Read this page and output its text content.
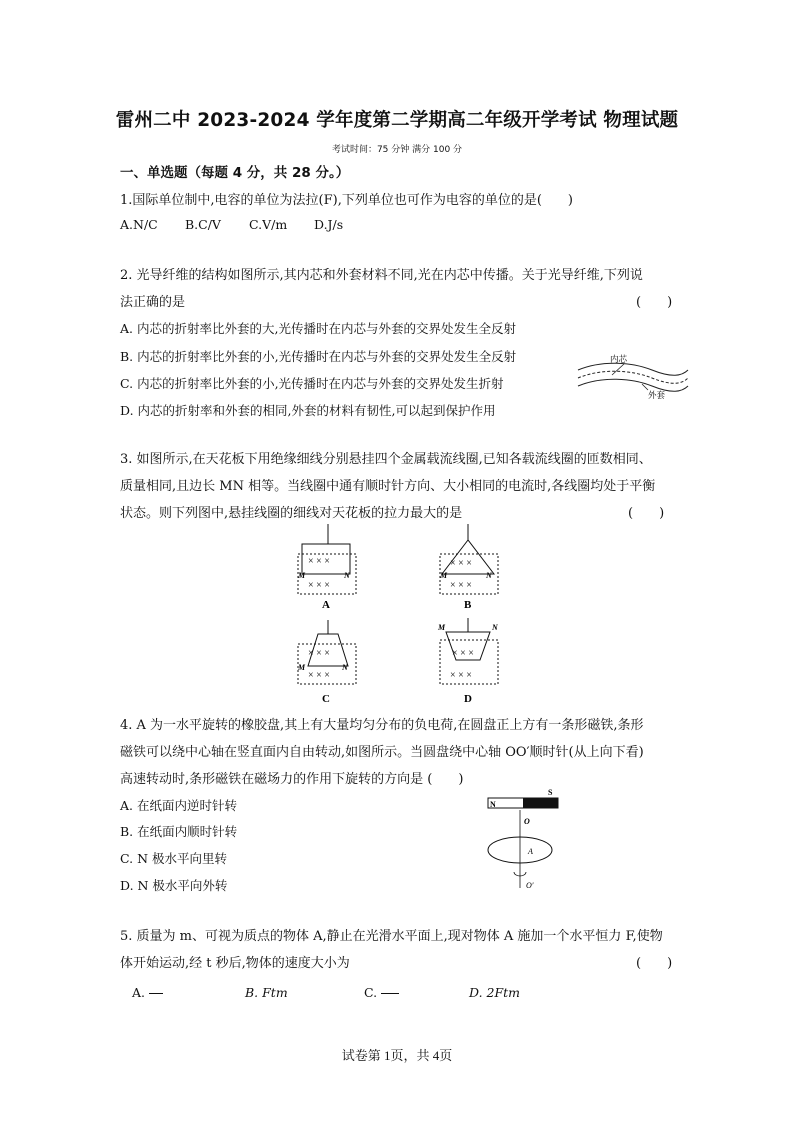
雷州二中 2023-2024 学年度第二学期高二年级开学考试 物理试题
考试时间：75 分钟 满分 100 分
一、单选题（每题 4 分，共 28 分。）
1.国际单位制中,电容的单位为法拉(F),下列单位也可作为电容的单位的是(　　)
A.N/C B.C/V C.V/m D.J/s
2. 光导纤维的结构如图所示,其内芯和外套材料不同,光在内芯中传播。关于光导纤维,下列说
法正确的是	(　　)
A. 内芯的折射率比外套的大,光传播时在内芯与外套的交界处发生全反射
B. 内芯的折射率比外套的小,光传播时在内芯与外套的交界处发生全反射
C. 内芯的折射率比外套的小,光传播时在内芯与外套的交界处发生折射
D. 内芯的折射率和外套的相同,外套的材料有韧性,可以起到保护作用
内芯
外套
3. 如图所示,在天花板下用绝缘细线分别悬挂四个金属载流线圈,已知各载流线圈的匝数相同、
质量相同,且边长 MN 相等。当线圈中通有顺时针方向、大小相同的电流时,各线圈均处于平衡
状态。则下列图中,悬挂线圈的细线对天花板的拉力最大的是	(　　)
× × ×
× × ×
M	N
A
× × ×
× × ×
M	N
B
× × ×
× × ×
M	N
C
× × ×
× × ×
M	N
D
4. A 为一水平旋转的橡胶盘,其上有大量均匀分布的负电荷,在圆盘正上方有一条形磁铁,条形
磁铁可以绕中心轴在竖直面内自由转动,如图所示。当圆盘绕中心轴 OO′顺时针(从上向下看)
高速转动时,条形磁铁在磁场力的作用下旋转的方向是 (　　)
A. 在纸面内逆时针转
B. 在纸面内顺时针转
C. N 极水平向里转
D. N 极水平向外转
N
S
O
A
O′
5. 质量为 m、可视为质点的物体 A,静止在光滑水平面上,现对物体 A 施加一个水平恒力 F,使物
体开始运动,经 t 秒后,物体的速度大小为	(　　)
A.	B. Ftm	C.	D. 2Ftm
试卷第 1页，共 4页
